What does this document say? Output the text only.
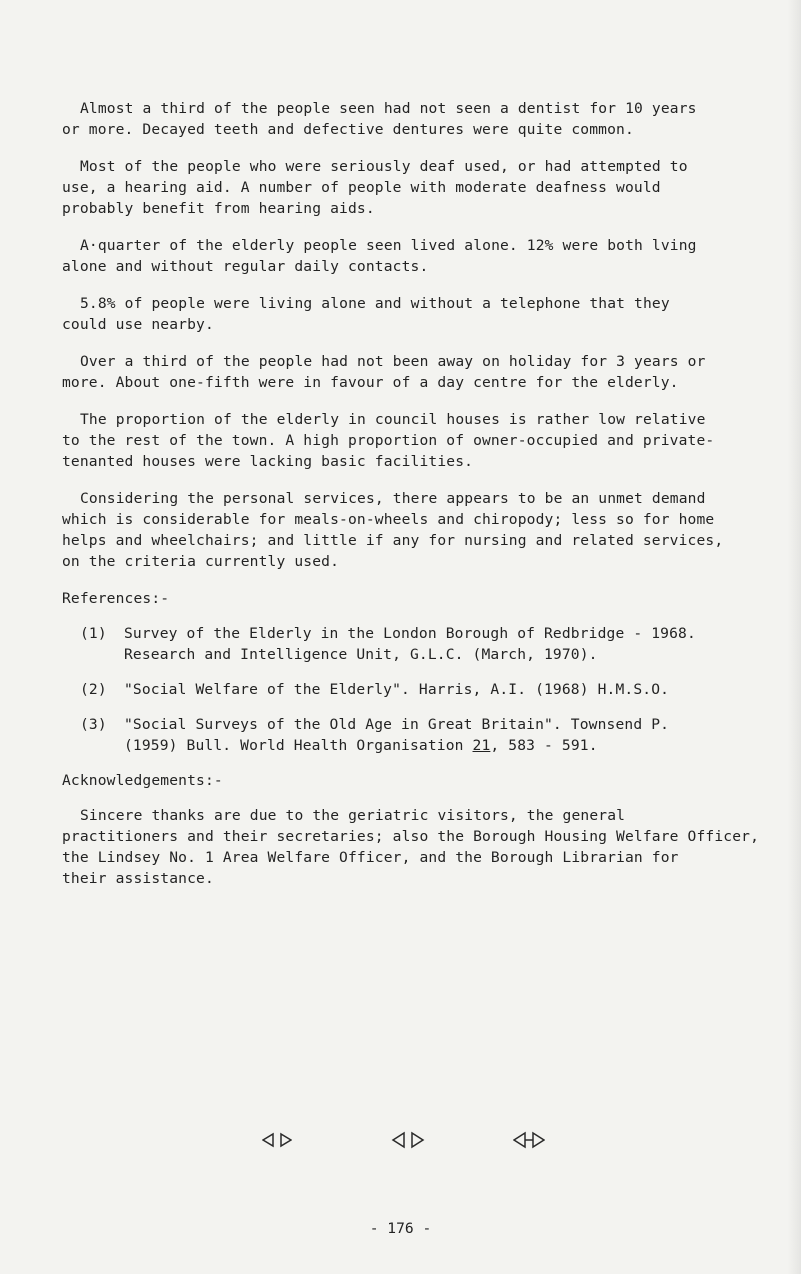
Almost a third of the people seen had not seen a dentist for 10 years
or more. Decayed teeth and defective dentures were quite common.

Most of the people who were seriously deaf used, or had attempted to
use, a hearing aid. A number of people with moderate deafness would
probably benefit from hearing aids.

A·quarter of the elderly people seen lived alone. 12% were both lving
alone and without regular daily contacts.

5.8% of people were living alone and without a telephone that they
could use nearby.

Over a third of the people had not been away on holiday for 3 years or
more. About one-fifth were in favour of a day centre for the elderly.

The proportion of the elderly in council houses is rather low relative
to the rest of the town. A high proportion of owner-occupied and private-
tenanted houses were lacking basic facilities.

Considering the personal services, there appears to be an unmet demand
which is considerable for meals-on-wheels and chiropody; less so for home
helps and wheelchairs; and little if any for nursing and related services,
on the criteria currently used.

References:-
(1)	Survey of the Elderly in the London Borough of Redbridge - 1968.
Research and Intelligence Unit, G.L.C. (March, 1970).
(2)	"Social Welfare of the Elderly". Harris, A.I. (1968) H.M.S.O.
(3)	"Social Surveys of the Old Age in Great Britain". Townsend P.
(1959) Bull. World Health Organisation 21, 583 - 591.
Acknowledgements:-

Sincere thanks are due to the geriatric visitors, the general
practitioners and their secretaries; also the Borough Housing Welfare Officer,
the Lindsey No. 1 Area Welfare Officer, and the Borough Librarian for
their assistance.

- 176 -
